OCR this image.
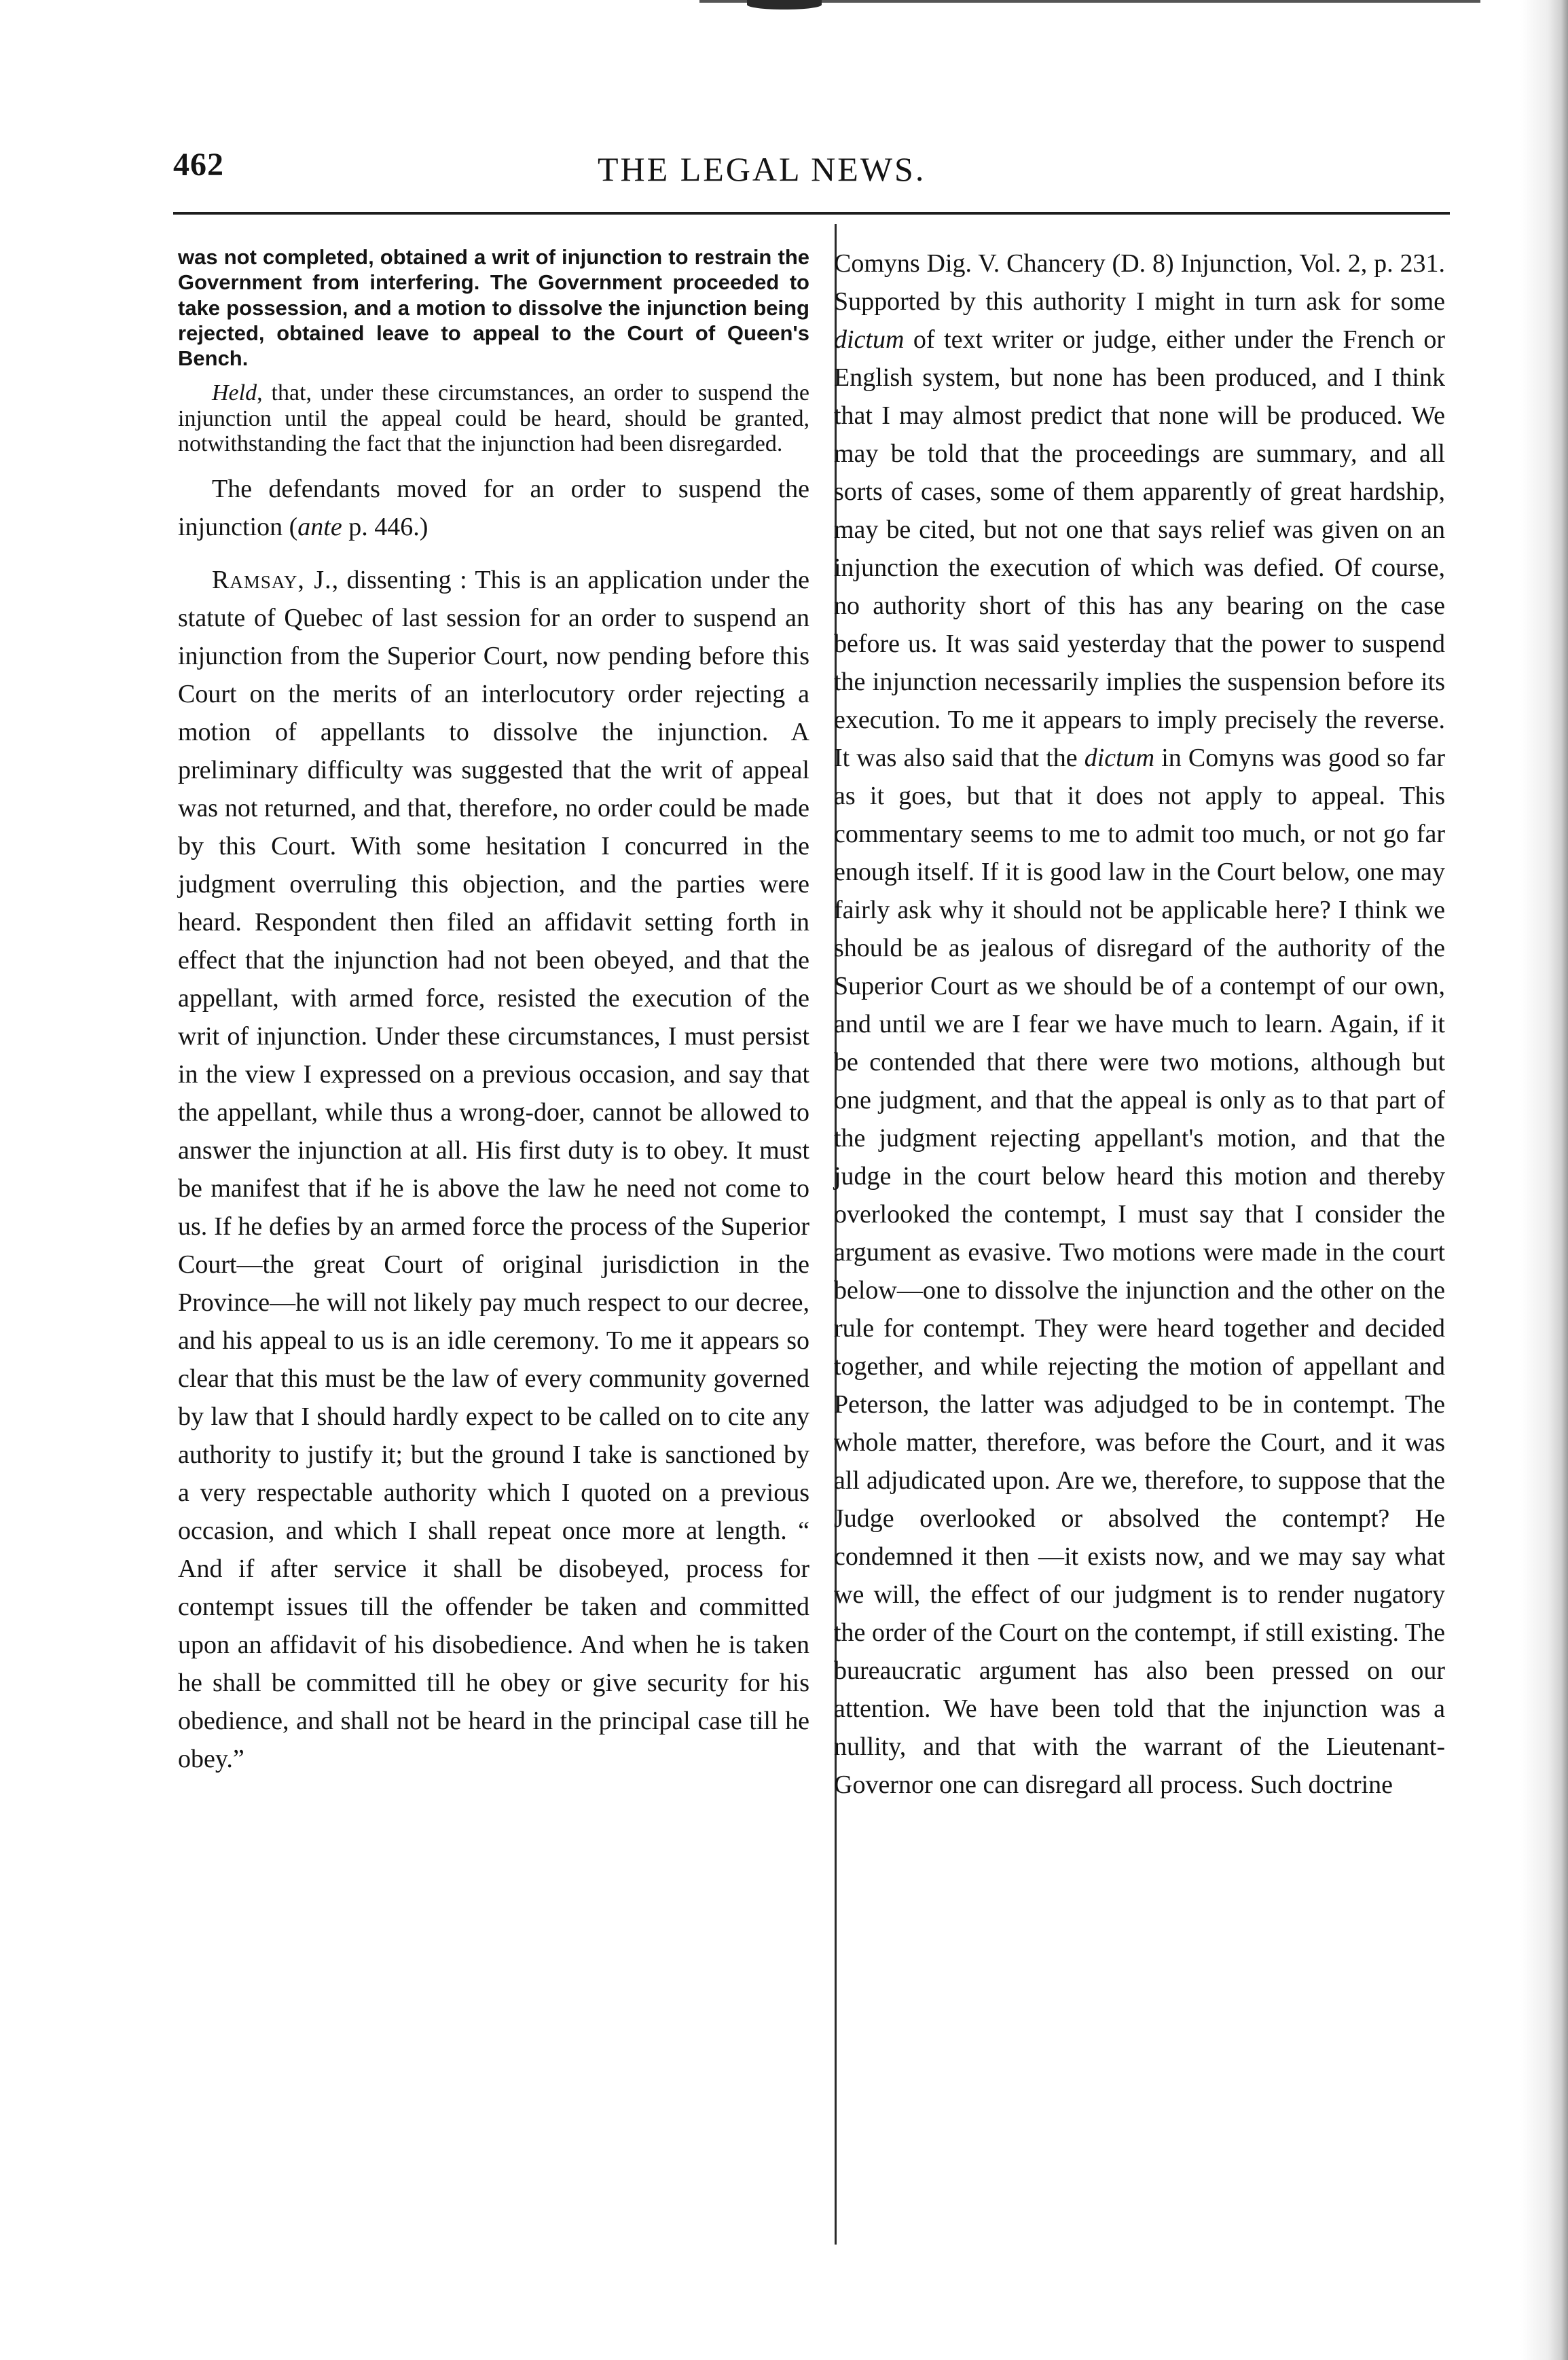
462	THE LEGAL NEWS.

was not completed, obtained a writ of injunction to restrain the Government from interfering. The Government proceeded to take possession, and a motion to dissolve the injunction being rejected, obtained leave to appeal to the Court of Queen's Bench.

Held, that, under these circumstances, an order to suspend the injunction until the appeal could be heard, should be granted, notwithstanding the fact that the injunction had been disregarded.

The defendants moved for an order to suspend the injunction (ante p. 446.)

Ramsay, J., dissenting : This is an application under the statute of Quebec of last session for an order to suspend an injunction from the Superior Court, now pending before this Court on the merits of an interlocutory order rejecting a motion of appellants to dissolve the injunction. A preliminary difficulty was suggested that the writ of appeal was not returned, and that, therefore, no order could be made by this Court. With some hesitation I concurred in the judgment overruling this objection, and the parties were heard. Respondent then filed an affidavit setting forth in effect that the injunction had not been obeyed, and that the appellant, with armed force, resisted the execution of the writ of injunction. Under these circumstances, I must persist in the view I expressed on a previous occasion, and say that the appellant, while thus a wrong-doer, cannot be allowed to answer the injunction at all. His first duty is to obey. It must be manifest that if he is above the law he need not come to us. If he defies by an armed force the process of the Superior Court—the great Court of original jurisdiction in the Province—he will not likely pay much respect to our decree, and his appeal to us is an idle ceremony. To me it appears so clear that this must be the law of every community governed by law that I should hardly expect to be called on to cite any authority to justify it; but the ground I take is sanctioned by a very respectable authority which I quoted on a previous occasion, and which I shall repeat once more at length. “ And if after service it shall be disobeyed, process for contempt issues till the offender be taken and committed upon an affidavit of his disobedience. And when he is taken he shall be committed till he obey or give security for his obedience, and shall not be heard in the principal case till he obey.”

Comyns Dig. V. Chancery (D. 8) Injunction, Vol. 2, p. 231. Supported by this authority I might in turn ask for some dictum of text writer or judge, either under the French or English system, but none has been produced, and I think that I may almost predict that none will be produced. We may be told that the proceedings are summary, and all sorts of cases, some of them apparently of great hardship, may be cited, but not one that says relief was given on an injunction the execution of which was defied. Of course, no authority short of this has any bearing on the case before us. It was said yesterday that the power to suspend the injunction necessarily implies the suspension before its execution. To me it appears to imply precisely the reverse. It was also said that the dictum in Comyns was good so far as it goes, but that it does not apply to appeal. This commentary seems to me to admit too much, or not go far enough itself. If it is good law in the Court below, one may fairly ask why it should not be applicable here? I think we should be as jealous of disregard of the authority of the Superior Court as we should be of a contempt of our own, and until we are I fear we have much to learn. Again, if it be contended that there were two motions, although but one judgment, and that the appeal is only as to that part of the judgment rejecting appellant's motion, and that the judge in the court below heard this motion and thereby overlooked the contempt, I must say that I consider the argument as evasive. Two motions were made in the court below—one to dissolve the injunction and the other on the rule for contempt. They were heard together and decided together, and while rejecting the motion of appellant and Peterson, the latter was adjudged to be in contempt. The whole matter, therefore, was before the Court, and it was all adjudicated upon. Are we, therefore, to suppose that the Judge overlooked or absolved the contempt? He condemned it then —it exists now, and we may say what we will, the effect of our judgment is to render nugatory the order of the Court on the contempt, if still existing. The bureaucratic argument has also been pressed on our attention. We have been told that the injunction was a nullity, and that with the warrant of the Lieutenant-Governor one can disregard all process. Such doctrine
